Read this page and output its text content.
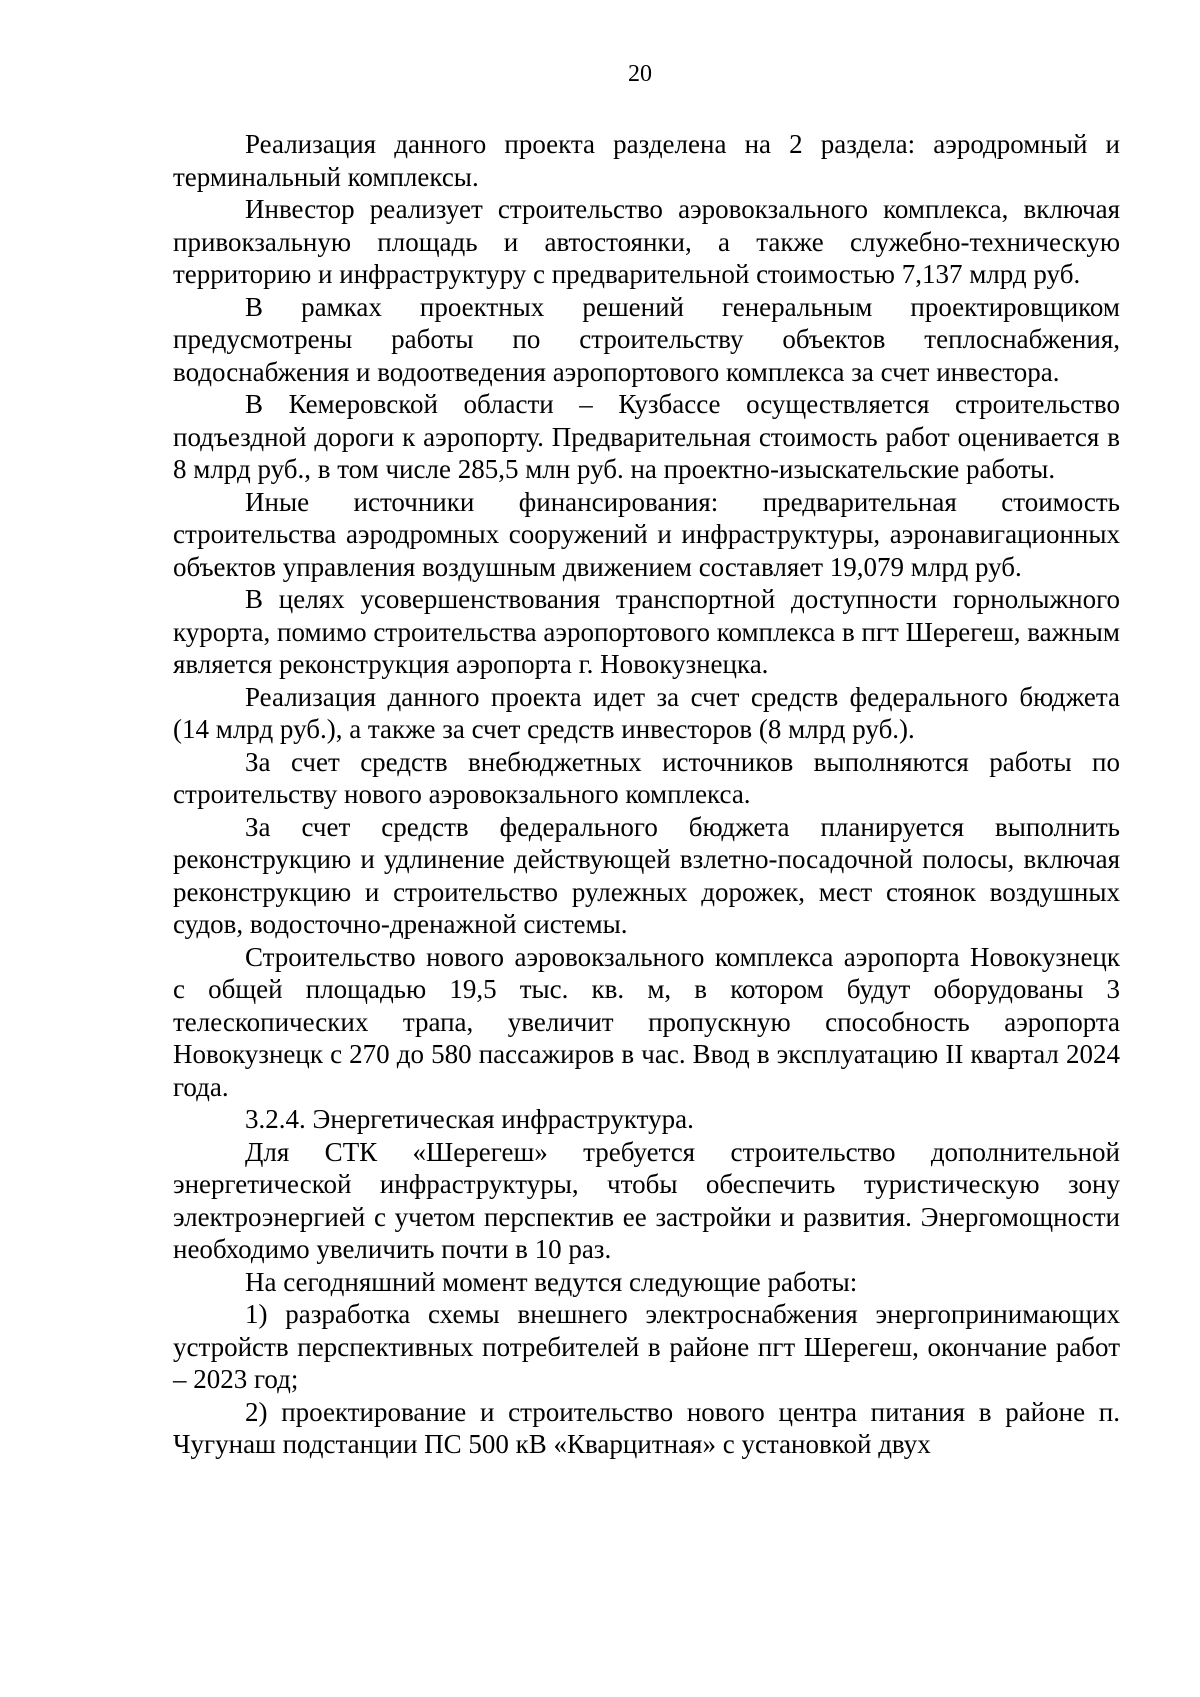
20

Реализация данного проекта разделена на 2 раздела: аэродромный и терминальный комплексы.

Инвестор реализует строительство аэровокзального комплекса, включая привокзальную площадь и автостоянки, а также служебно-техническую территорию и инфраструктуру с предварительной стоимостью 7,137 млрд руб.

В рамках проектных решений генеральным проектировщиком предусмотрены работы по строительству объектов теплоснабжения, водоснабжения и водоотведения аэропортового комплекса за счет инвестора.

В Кемеровской области – Кузбассе осуществляется строительство подъездной дороги к аэропорту. Предварительная стоимость работ оценивается в 8 млрд руб., в том числе 285,5 млн руб. на проектно-изыскательские работы.

Иные источники финансирования: предварительная стоимость строительства аэродромных сооружений и инфраструктуры, аэронавигационных объектов управления воздушным движением составляет 19,079 млрд руб.

В целях усовершенствования транспортной доступности горнолыжного курорта, помимо строительства аэропортового комплекса в пгт Шерегеш, важным является реконструкция аэропорта г. Новокузнецка.

Реализация данного проекта идет за счет средств федерального бюджета (14 млрд руб.), а также за счет средств инвесторов (8 млрд руб.).

За счет средств внебюджетных источников выполняются работы по строительству нового аэровокзального комплекса.

За счет средств федерального бюджета планируется выполнить реконструкцию и удлинение действующей взлетно-посадочной полосы, включая реконструкцию и строительство рулежных дорожек, мест стоянок воздушных судов, водосточно-дренажной системы.

Строительство нового аэровокзального комплекса аэропорта Новокузнецк с общей площадью 19,5 тыс. кв. м, в котором будут оборудованы 3 телескопических трапа, увеличит пропускную способность аэропорта Новокузнецк с 270 до 580 пассажиров в час. Ввод в эксплуатацию II квартал 2024 года.

3.2.4. Энергетическая инфраструктура.

Для СТК «Шерегеш» требуется строительство дополнительной энергетической инфраструктуры, чтобы обеспечить туристическую зону электроэнергией с учетом перспектив ее застройки и развития. Энергомощности необходимо увеличить почти в 10 раз.

На сегодняшний момент ведутся следующие работы:

1) разработка схемы внешнего электроснабжения энергопринимающих устройств перспективных потребителей в районе пгт Шерегеш, окончание работ – 2023 год;

2) проектирование и строительство нового центра питания в районе п. Чугунаш подстанции ПС 500 кВ «Кварцитная» с установкой двух
